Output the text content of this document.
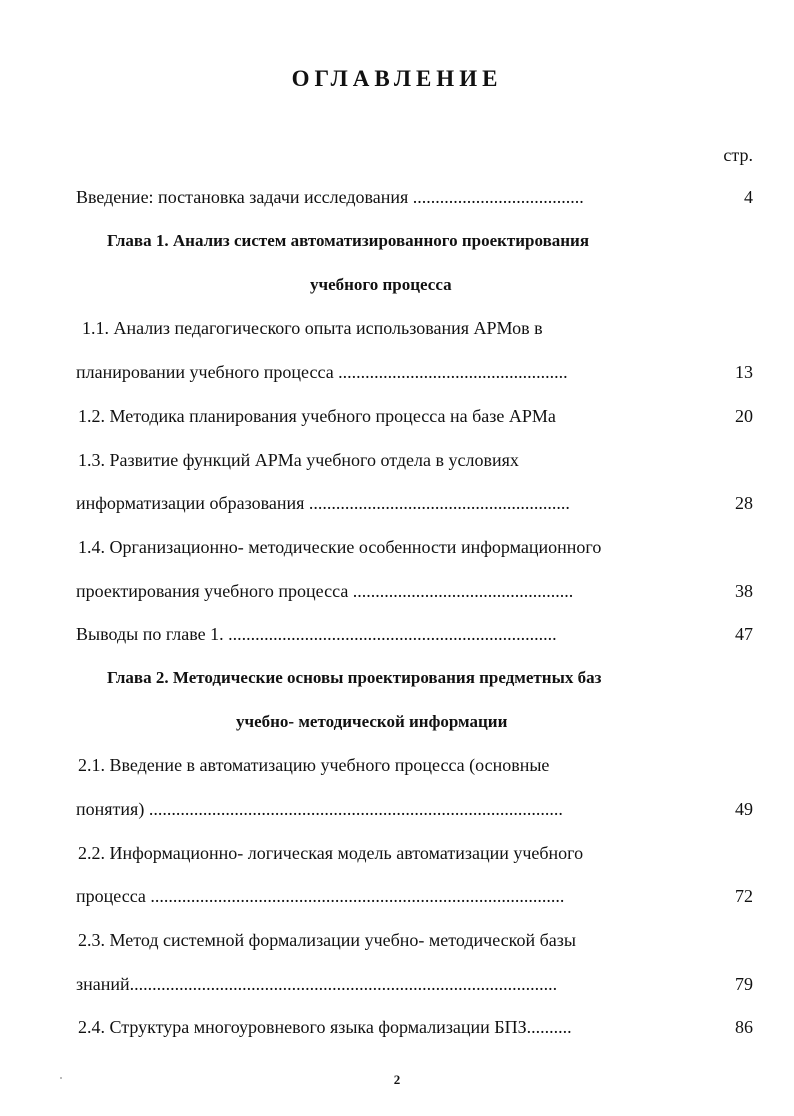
ОГЛАВЛЕНИЕ
стр.
Введение: постановка задачи исследования ......................................	4
Глава 1. Анализ систем автоматизированного проектирования
учебного процесса
1.1. Анализ педагогического опыта использования АРМов в
планировании учебного процесса ...................................................	13
1.2. Методика планирования учебного процесса на базе АРМа	20
1.3. Развитие функций АРМа учебного отдела в условиях
информатизации образования ..........................................................	28
1.4. Организационно- методические особенности информационного
проектирования учебного процесса .................................................	38
Выводы по главе 1. .........................................................................	47
Глава 2. Методические основы проектирования предметных баз
учебно- методической информации
2.1. Введение в автоматизацию учебного процесса (основные
понятия) ............................................................................................	49
2.2. Информационно- логическая модель автоматизации учебного
процесса ............................................................................................	72
2.3. Метод системной формализации учебно- методической базы
знаний...............................................................................................	79
2.4. Структура многоуровневого языка формализации БПЗ..........	86
2
